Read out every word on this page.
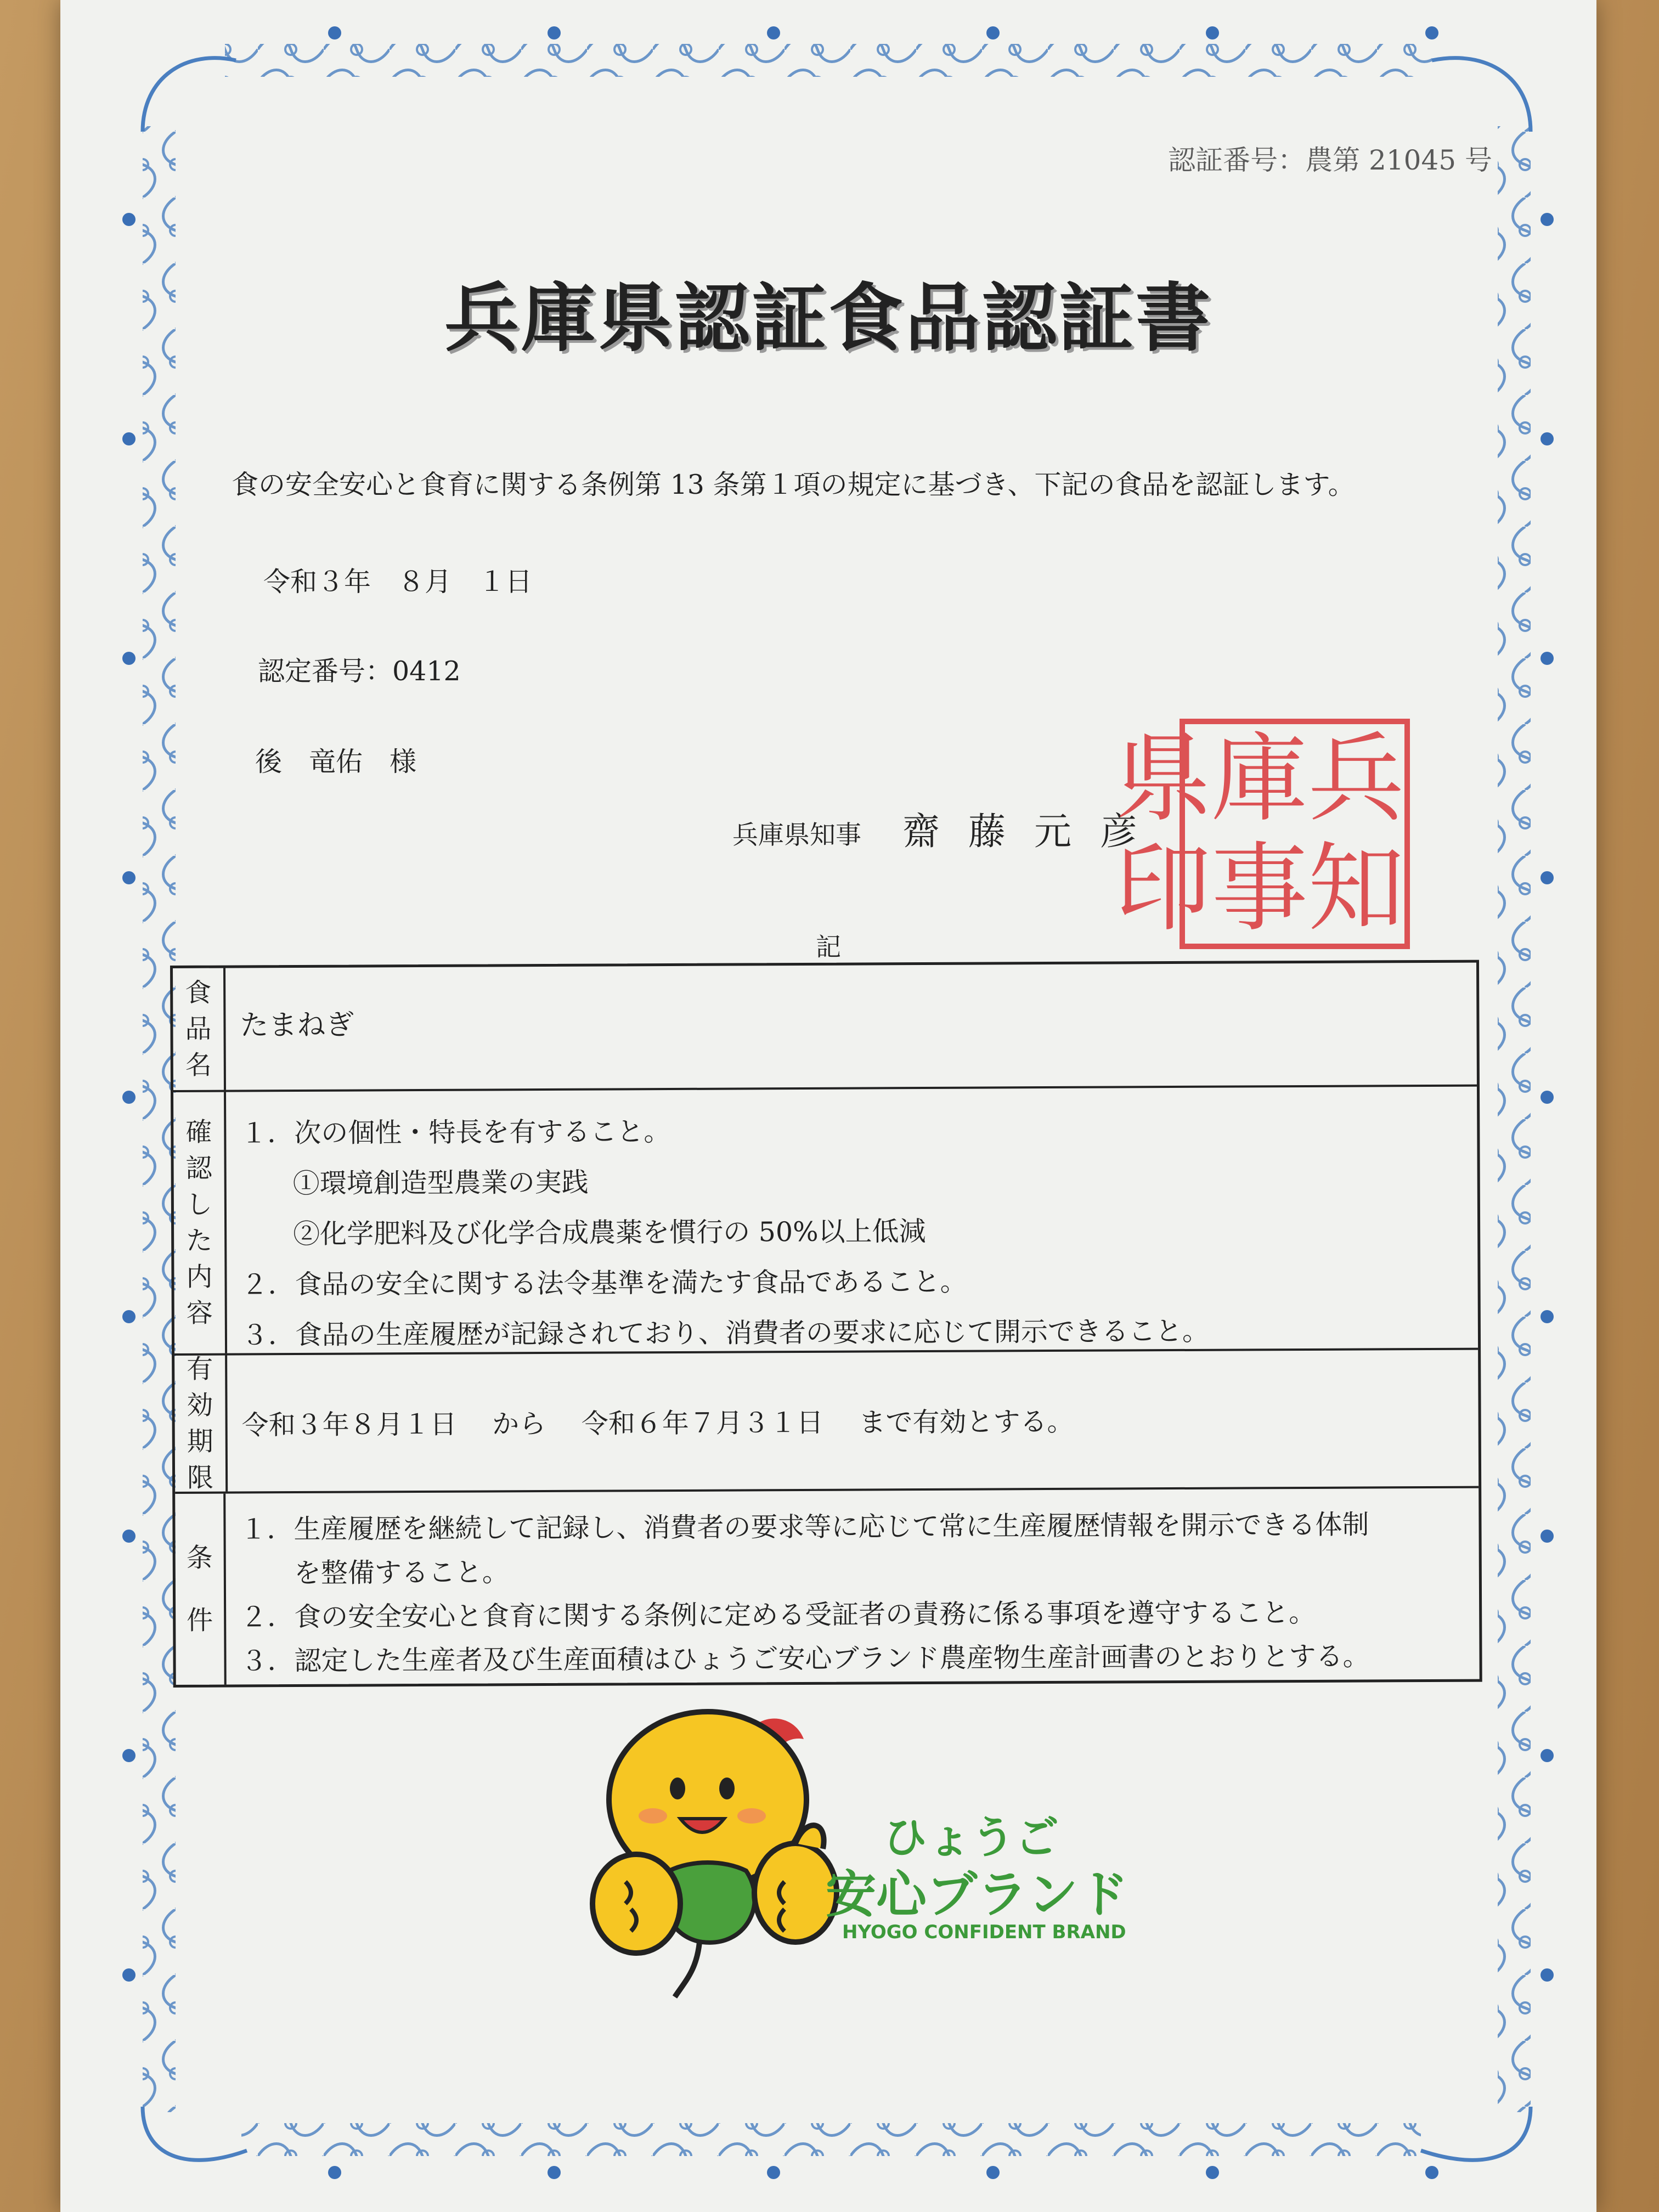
認証番号：農第 21045 号
兵庫県認証食品認証書
食の安全安心と食育に関する条例第 13 条第１項の規定に基づき、下記の食品を認証します。
令和３年　８月　１日
認定番号：0412
後　竜佑　様
兵庫県知事 齋藤元彦 兵
知
庫
事
県
印
記
食
品
名
たまねぎ
確
認
し
た
内
容
１．次の個性・特長を有すること。
①環境創造型農業の実践
②化学肥料及び化学合成農薬を慣行の 50%以上低減
２．食品の安全に関する法令基準を満たす食品であること。
３．食品の生産履歴が記録されており、消費者の要求に応じて開示できること。
有
効
期
限
令和３年８月１日　 から　 令和６年７月３１日　 まで有効とする。
条
件
１．生産履歴を継続して記録し、消費者の要求等に応じて常に生産履歴情報を開示できる体制
を整備すること。
２．食の安全安心と食育に関する条例に定める受証者の責務に係る事項を遵守すること。
３．認定した生産者及び生産面積はひょうご安心ブランド農産物生産計画書のとおりとする。
ひょうご
安心ブランド
HYOGO CONFIDENT BRAND
